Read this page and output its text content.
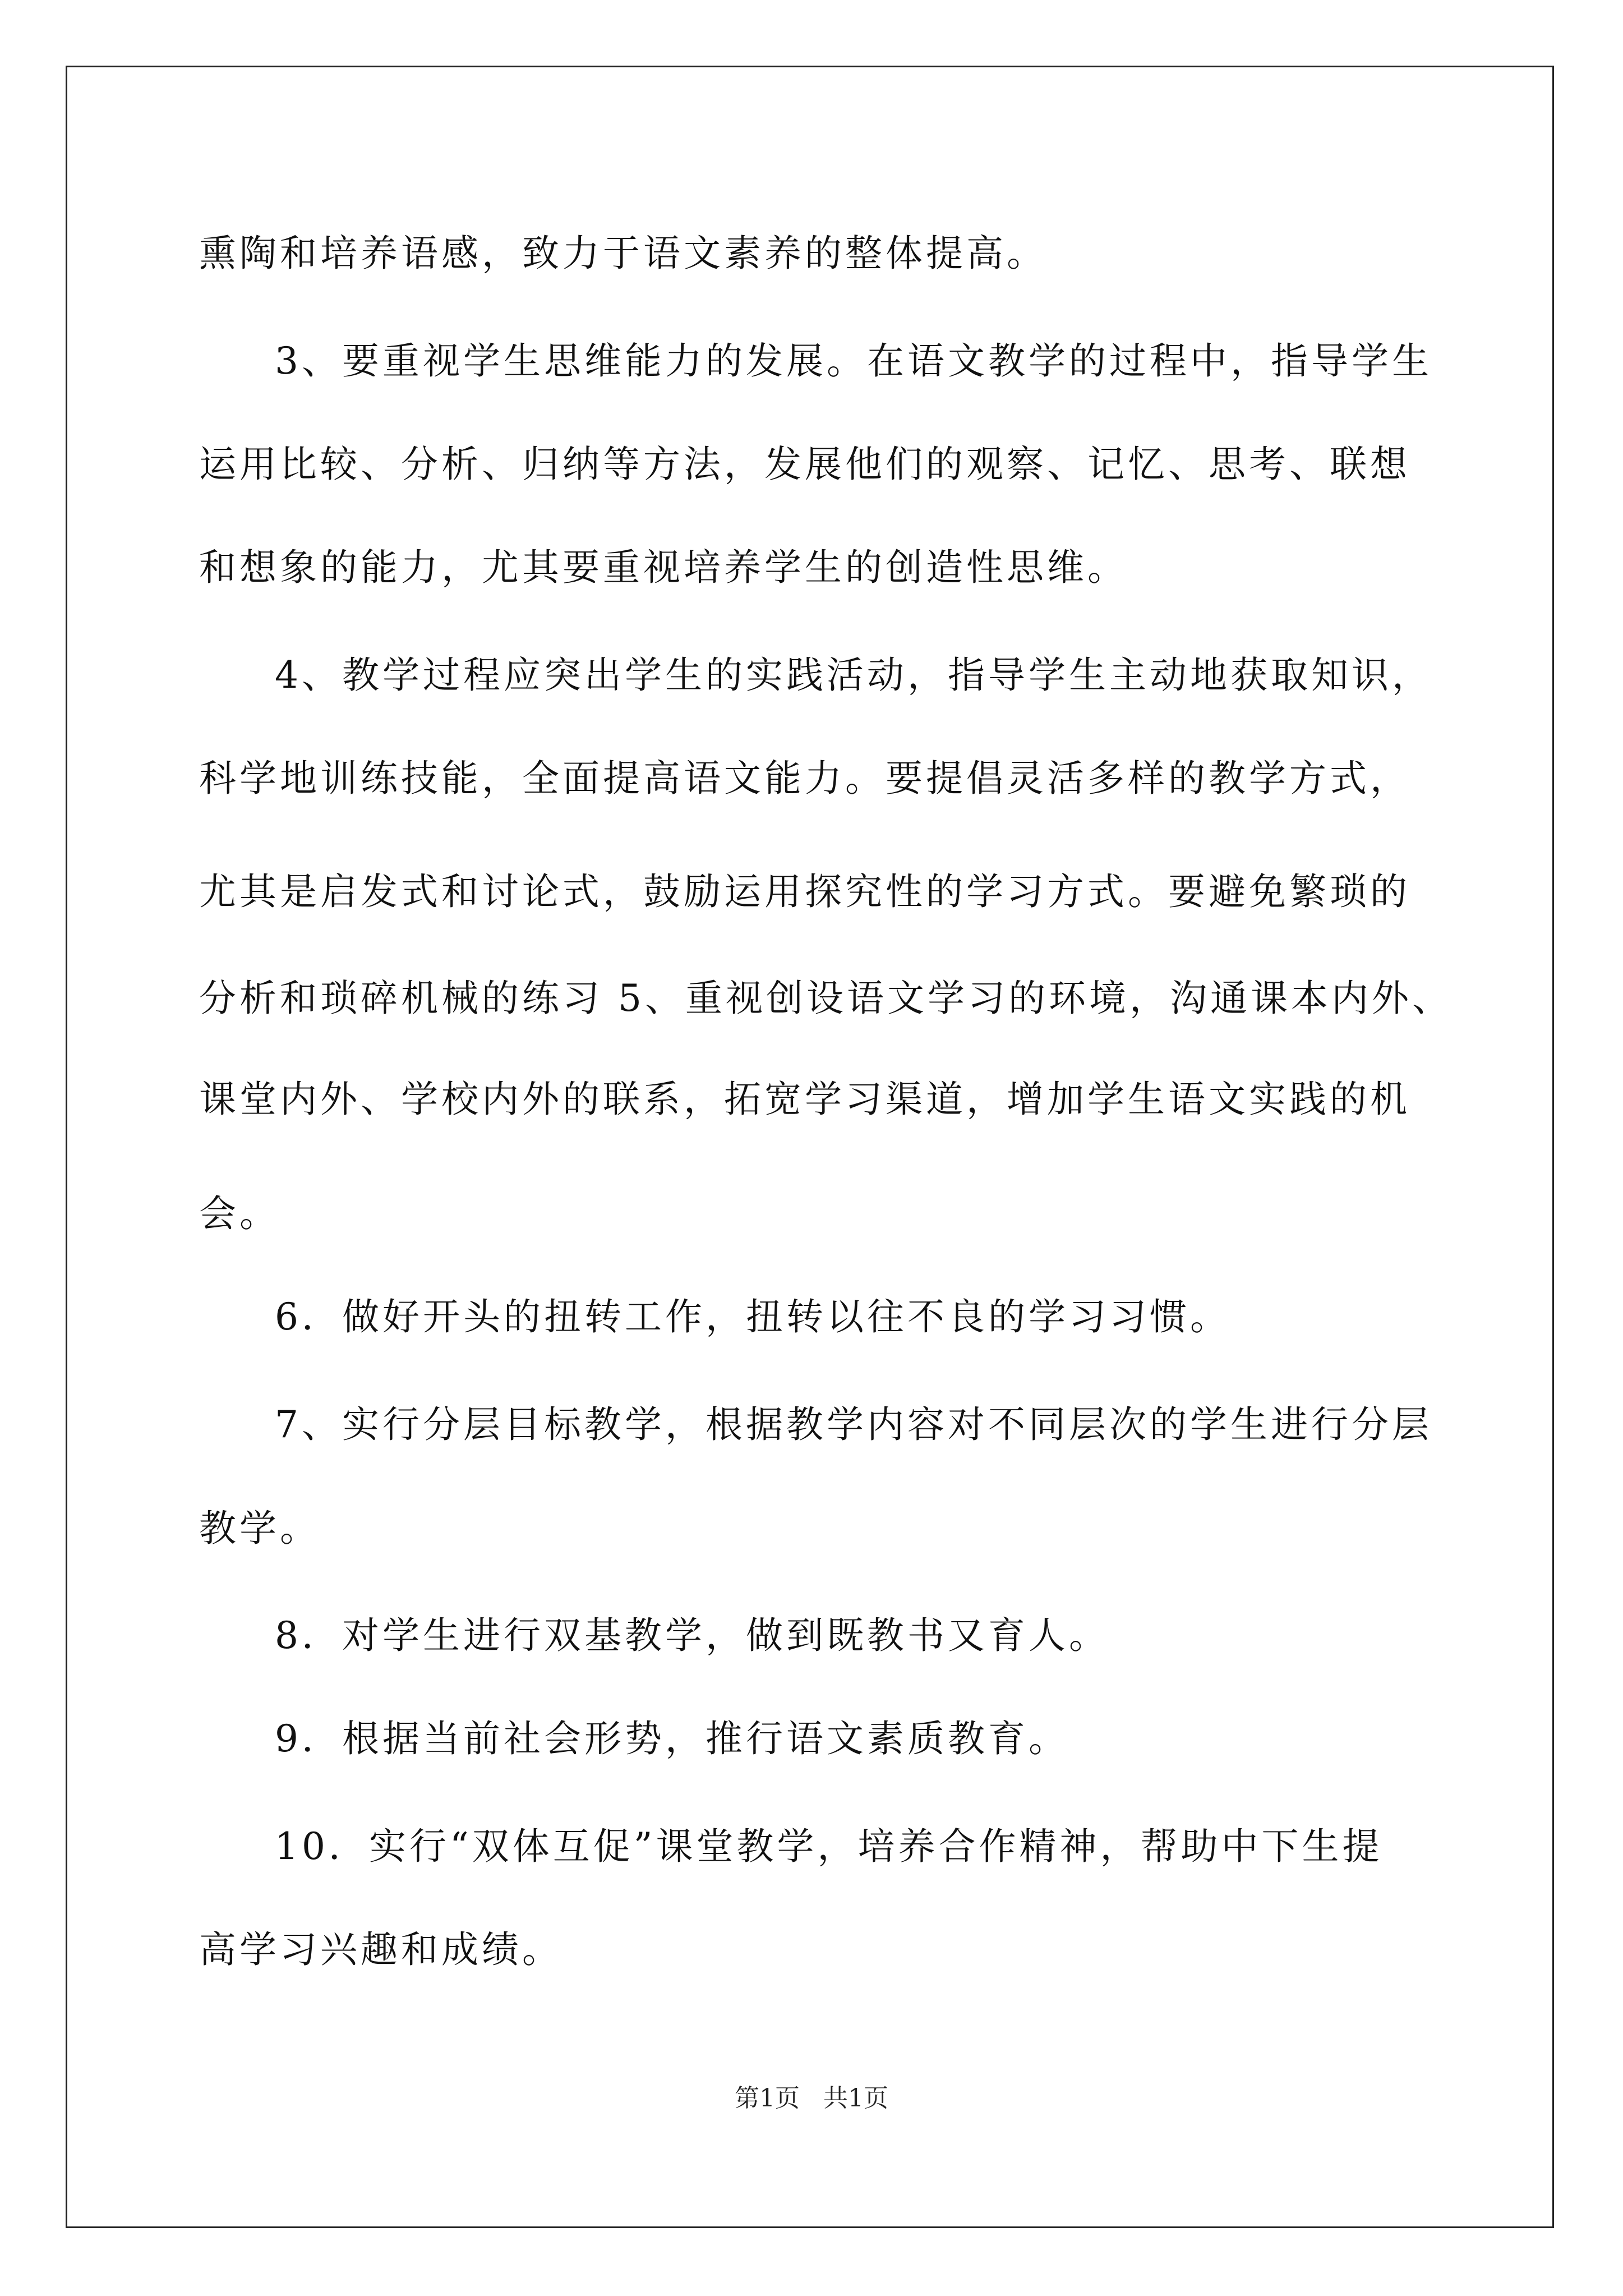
熏陶和培养语感，致力于语文素养的整体提高。
3、要重视学生思维能力的发展。在语文教学的过程中，指导学生
运用比较、分析、归纳等方法，发展他们的观察、记忆、思考、联想
和想象的能力，尤其要重视培养学生的创造性思维。
4、教学过程应突出学生的实践活动，指导学生主动地获取知识，
科学地训练技能，全面提高语文能力。要提倡灵活多样的教学方式，
尤其是启发式和讨论式，鼓励运用探究性的学习方式。要避免繁琐的
分析和琐碎机械的练习 5、重视创设语文学习的环境，沟通课本内外、
课堂内外、学校内外的联系，拓宽学习渠道，增加学生语文实践的机
会。
6．做好开头的扭转工作，扭转以往不良的学习习惯。
7、实行分层目标教学，根据教学内容对不同层次的学生进行分层
教学。
8．对学生进行双基教学，做到既教书又育人。
9．根据当前社会形势，推行语文素质教育。
10．实行“双体互促”课堂教学，培养合作精神，帮助中下生提
高学习兴趣和成绩。
第1页   共1页
